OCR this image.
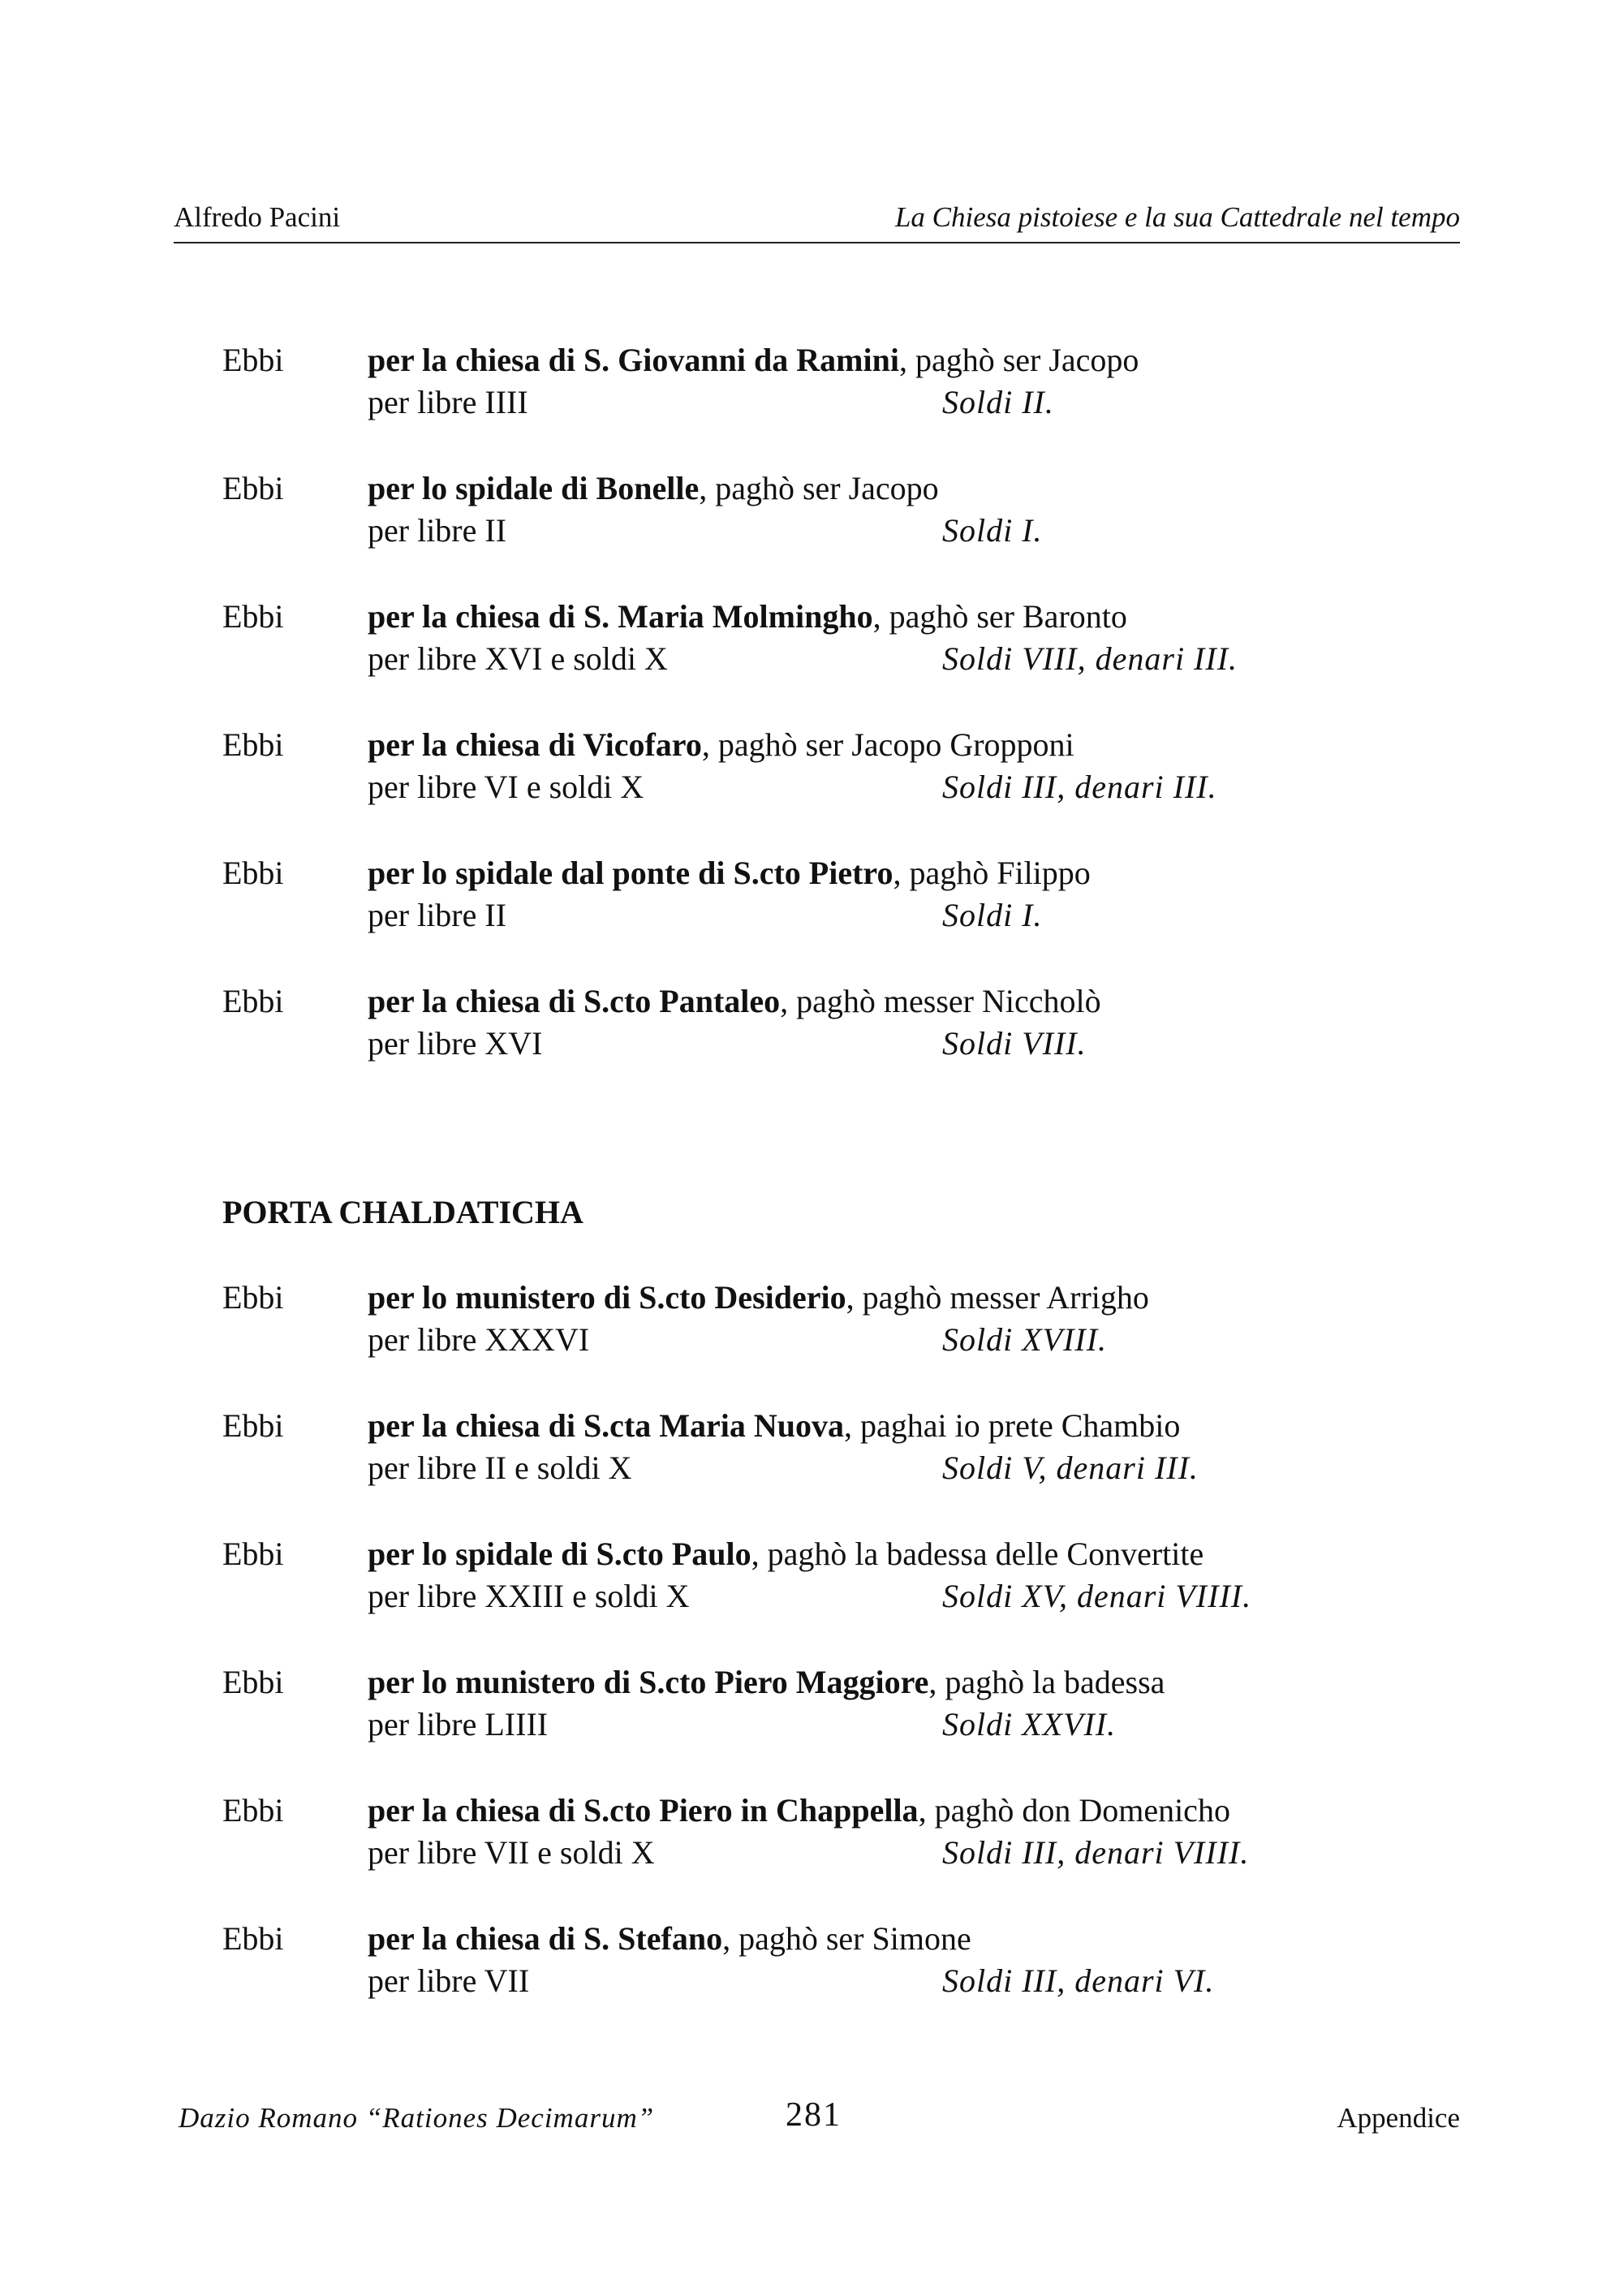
Alfredo Pacini	La Chiesa pistoiese e la sua Cattedrale nel tempo
Ebbi	per la chiesa di S. Giovanni da Ramini, paghò ser Jacopo
per libre IIII	Soldi II.
Ebbi	per lo spidale di Bonelle, paghò ser Jacopo
per libre II	Soldi I.
Ebbi	per la chiesa di S. Maria Molmingho, paghò ser Baronto
per libre XVI e soldi X	Soldi VIII, denari III.
Ebbi	per la chiesa di Vicofaro, paghò ser Jacopo Gropponi
per libre VI e soldi X	Soldi III, denari III.
Ebbi	per lo spidale dal ponte di S.cto Pietro, paghò Filippo
per libre II	Soldi I.
Ebbi	per la chiesa di S.cto Pantaleo, paghò messer Niccholò
per libre XVI	Soldi VIII.
PORTA CHALDATICHA
Ebbi	per lo munistero di S.cto Desiderio, paghò messer Arrigho
per libre XXXVI	Soldi XVIII.
Ebbi	per la chiesa di S.cta Maria Nuova, paghai io prete Chambio
per libre II e soldi X	Soldi V, denari III.
Ebbi	per lo spidale di S.cto Paulo, paghò la badessa delle Convertite
per libre XXIII e soldi X	Soldi XV, denari VIIII.
Ebbi	per lo munistero di S.cto Piero Maggiore, paghò la badessa
per libre LIIII	Soldi XXVII.
Ebbi	per la chiesa di S.cto Piero in Chappella, paghò don Domenicho
per libre VII e soldi X	Soldi III, denari VIIII.
Ebbi	per la chiesa di S. Stefano, paghò ser Simone
per libre VII	Soldi III, denari VI.
Dazio Romano “Rationes Decimarum”	281	Appendice
